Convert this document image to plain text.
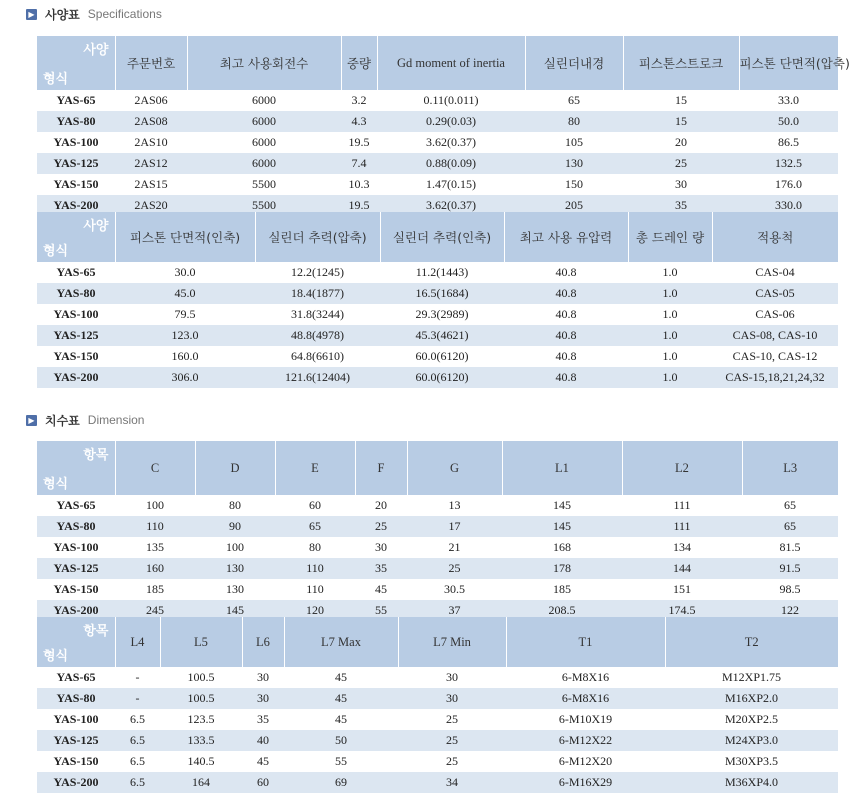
▶ 사양표 Specifications
사양
형식	주문번호	최고 사용회전수	중량	Gd moment of inertia	실린더내경	피스톤스트로크	피스톤 단면적(압축)
YAS-65	2AS06	6000	3.2	0.11(0.011)	65	15	33.0
YAS-80	2AS08	6000	4.3	0.29(0.03)	80	15	50.0
YAS-100	2AS10	6000	19.5	3.62(0.37)	105	20	86.5
YAS-125	2AS12	6000	7.4	0.88(0.09)	130	25	132.5
YAS-150	2AS15	5500	10.3	1.47(0.15)	150	30	176.0
YAS-200	2AS20	5500	19.5	3.62(0.37)	205	35	330.0
사양
형식	피스톤 단면적(인축)	실린더 추력(압축)	실린더 추력(인축)	최고 사용 유압력	총 드레인 량	적용척
YAS-65	30.0	12.2(1245)	11.2(1443)	40.8	1.0	CAS-04
YAS-80	45.0	18.4(1877)	16.5(1684)	40.8	1.0	CAS-05
YAS-100	79.5	31.8(3244)	29.3(2989)	40.8	1.0	CAS-06
YAS-125	123.0	48.8(4978)	45.3(4621)	40.8	1.0	CAS-08, CAS-10
YAS-150	160.0	64.8(6610)	60.0(6120)	40.8	1.0	CAS-10, CAS-12
YAS-200	306.0	121.6(12404)	60.0(6120)	40.8	1.0	CAS-15,18,21,24,32
▶ 치수표 Dimension
항목
형식	C	D	E	F	G	L1	L2	L3
YAS-65	100	80	60	20	13	145	111	65
YAS-80	110	90	65	25	17	145	111	65
YAS-100	135	100	80	30	21	168	134	81.5
YAS-125	160	130	110	35	25	178	144	91.5
YAS-150	185	130	110	45	30.5	185	151	98.5
YAS-200	245	145	120	55	37	208.5	174.5	122
항목
형식	L4	L5	L6	L7 Max	L7 Min	T1	T2
YAS-65	-	100.5	30	45	30	6-M8X16	M12XP1.75
YAS-80	-	100.5	30	45	30	6-M8X16	M16XP2.0
YAS-100	6.5	123.5	35	45	25	6-M10X19	M20XP2.5
YAS-125	6.5	133.5	40	50	25	6-M12X22	M24XP3.0
YAS-150	6.5	140.5	45	55	25	6-M12X20	M30XP3.5
YAS-200	6.5	164	60	69	34	6-M16X29	M36XP4.0
